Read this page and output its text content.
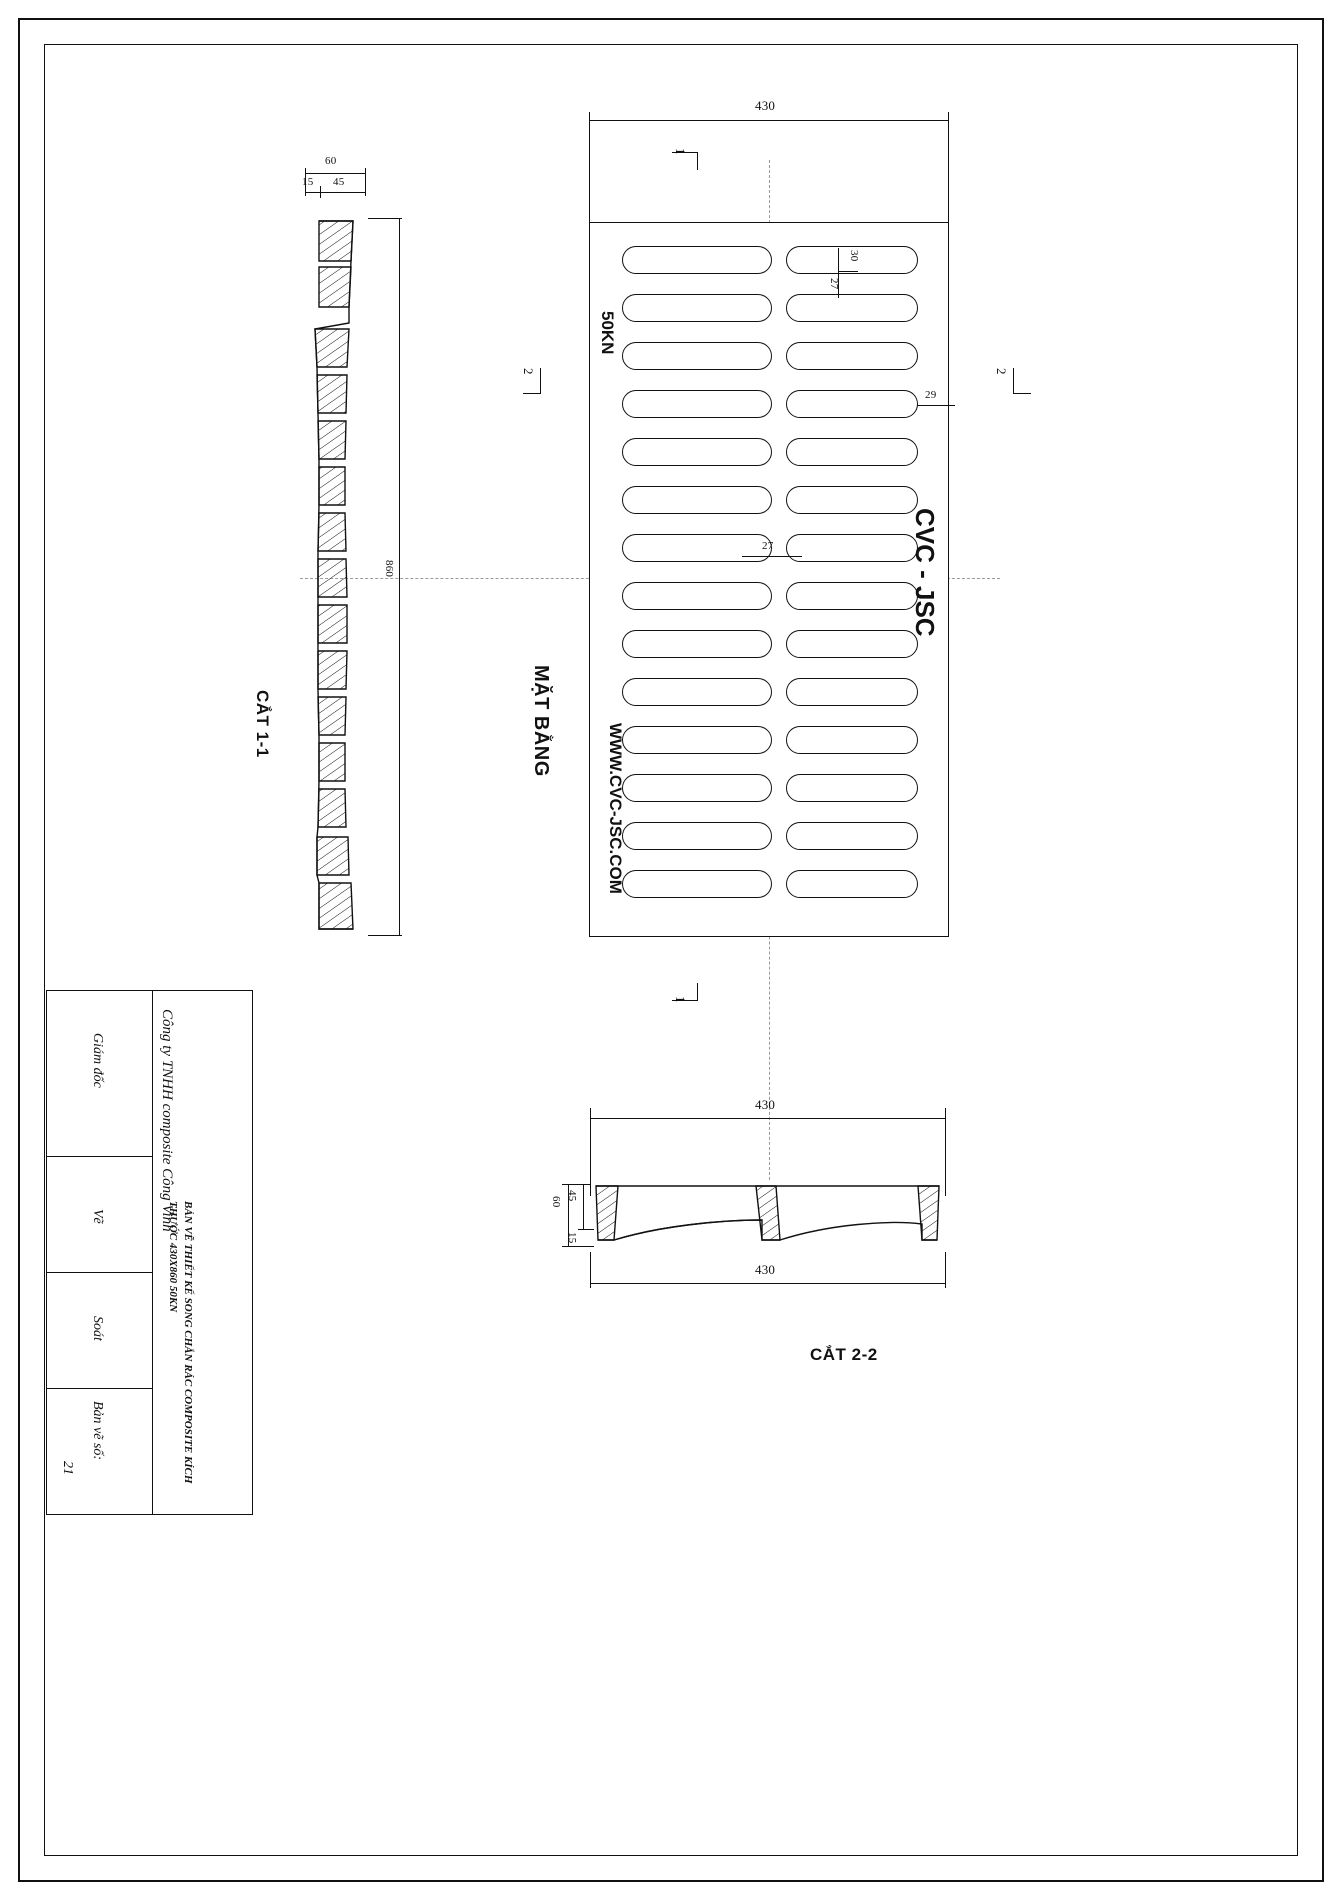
430
1
1
2	2
CVC - JSC
WWW.CVC-JSC.COM
50KN
30
27
29
27
MẶT BẰNG
60
15 45
860
CẮT 1-1
430
45
60
15
430
CẮT 2-2
Giám đốc
Vẽ
Soát
Bản vẽ số:
21
Công ty TNHH composite Công Vinh
BẢN VẼ THIẾT KẾ SONG CHẮN RÁC COMPOSITE KÍCH THƯỚC 430X860 50KN
